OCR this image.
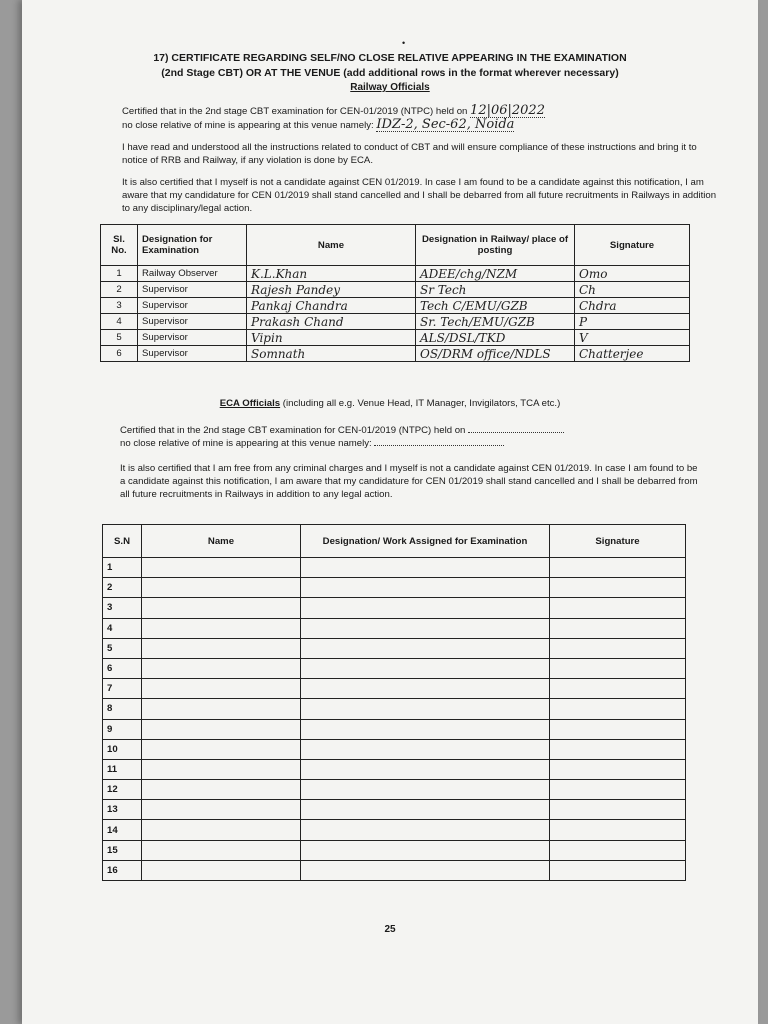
•
17) CERTIFICATE REGARDING SELF/NO CLOSE RELATIVE APPEARING IN THE EXAMINATION
(2nd Stage CBT) OR AT THE VENUE (add additional rows in the format wherever necessary)
Railway Officials
Certified that in the 2nd stage CBT examination for CEN-01/2019 (NTPC) held on 12|06|2022
no close relative of mine is appearing at this venue namely: IDZ-2, Sec-62, Noida
I have read and understood all the instructions related to conduct of CBT and will ensure compliance of these instructions and bring it to notice of RRB and Railway, if any violation is done by ECA.
It is also certified that I myself is not a candidate against CEN 01/2019. In case I am found to be a candidate against this notification, I am aware that my candidature for CEN 01/2019 shall stand cancelled and I shall be debarred from all future recruitments in Railways in addition to any disciplinary/legal action.
Sl. No.	Designation for Examination	Name	Designation in Railway/ place of posting	Signature
1	Railway Observer	K.L.Khan	ADEE/chg/NZM	Omo
2	Supervisor	Rajesh Pandey	Sr Tech	Ch
3	Supervisor	Pankaj Chandra	Tech C/EMU/GZB	Chdra
4	Supervisor	Prakash Chand	Sr. Tech/EMU/GZB	P
5	Supervisor	Vipin	ALS/DSL/TKD	V
6	Supervisor	Somnath	OS/DRM office/NDLS	Chatterjee
ECA Officials (including all e.g. Venue Head, IT Manager, Invigilators, TCA etc.)
Certified that in the 2nd stage CBT examination for CEN-01/2019 (NTPC) held on
no close relative of mine is appearing at this venue namely:
It is also certified that I am free from any criminal charges and I myself is not a candidate against CEN 01/2019. In case I am found to be a candidate against this notification, I am aware that my candidature for CEN 01/2019 shall stand cancelled and I shall be debarred from all future recruitments in Railways in addition to any legal action.
S.N	Name	Designation/ Work Assigned for Examination	Signature
1			
2			
3			
4			
5			
6			
7			
8			
9			
10			
11			
12			
13			
14			
15			
16			
25
